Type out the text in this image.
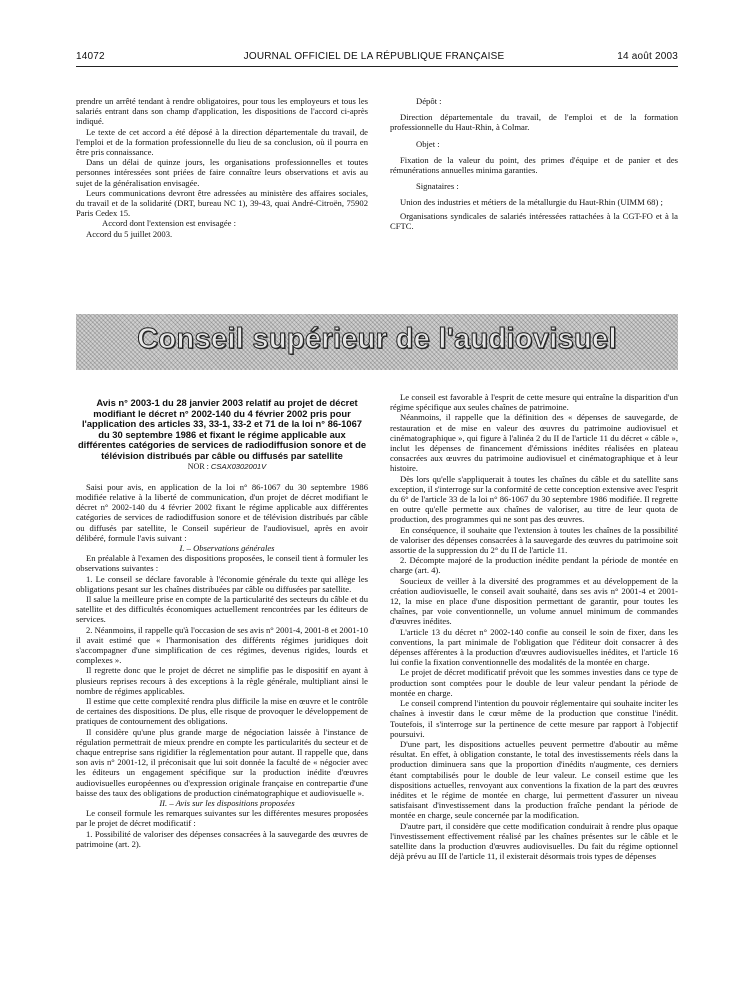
14072	JOURNAL OFFICIEL DE LA RÉPUBLIQUE FRANÇAISE	14 août 2003

prendre un arrêté tendant à rendre obligatoires, pour tous les employeurs et tous les salariés entrant dans son champ d'application, les dispositions de l'accord ci-après indiqué.

Le texte de cet accord a été déposé à la direction départementale du travail, de l'emploi et de la formation professionnelle du lieu de sa conclusion, où il pourra en être pris connaissance.

Dans un délai de quinze jours, les organisations professionnelles et toutes personnes intéressées sont priées de faire connaître leurs observations et avis au sujet de la généralisation envisagée.

Leurs communications devront être adressées au ministère des affaires sociales, du travail et de la solidarité (DRT, bureau NC 1), 39-43, quai André-Citroën, 75902 Paris Cedex 15.

Accord dont l'extension est envisagée :

Accord du 5 juillet 2003.

Dépôt :

Direction départementale du travail, de l'emploi et de la formation professionnelle du Haut-Rhin, à Colmar.

Objet :

Fixation de la valeur du point, des primes d'équipe et de panier et des rémunérations annuelles minima garanties.

Signataires :

Union des industries et métiers de la métallurgie du Haut-Rhin (UIMM 68) ;

Organisations syndicales de salariés intéressées rattachées à la CGT-FO et à la CFTC.

Conseil supérieur de l'audiovisuel

Avis n° 2003-1 du 28 janvier 2003 relatif au projet de décret modifiant le décret n° 2002-140 du 4 février 2002 pris pour l'application des articles 33, 33-1, 33-2 et 71 de la loi n° 86-1067 du 30 septembre 1986 et fixant le régime applicable aux différentes catégories de services de radiodiffusion sonore et de télévision distribués par câble ou diffusés par satellite

NOR : CSAX0302001V

Saisi pour avis, en application de la loi n° 86-1067 du 30 septembre 1986 modifiée relative à la liberté de communication, d'un projet de décret modifiant le décret n° 2002-140 du 4 février 2002 fixant le régime applicable aux différentes catégories de services de radiodiffusion sonore et de télévision distribués par câble ou diffusés par satellite, le Conseil supérieur de l'audiovisuel, après en avoir délibéré, formule l'avis suivant :

I. – Observations générales

En préalable à l'examen des dispositions proposées, le conseil tient à formuler les observations suivantes :

1. Le conseil se déclare favorable à l'économie générale du texte qui allège les obligations pesant sur les chaînes distribuées par câble ou diffusées par satellite.

Il salue la meilleure prise en compte de la particularité des secteurs du câble et du satellite et des difficultés économiques actuellement rencontrées par les éditeurs de services.

2. Néanmoins, il rappelle qu'à l'occasion de ses avis n° 2001-4, 2001-8 et 2001-10 il avait estimé que « l'harmonisation des différents régimes juridiques doit s'accompagner d'une simplification de ces régimes, devenus rigides, lourds et complexes ».

Il regrette donc que le projet de décret ne simplifie pas le dispositif en ayant à plusieurs reprises recours à des exceptions à la règle générale, multipliant ainsi le nombre de régimes applicables.

Il estime que cette complexité rendra plus difficile la mise en œuvre et le contrôle de certaines des dispositions. De plus, elle risque de provoquer le développement de pratiques de contournement des obligations.

Il considère qu'une plus grande marge de négociation laissée à l'instance de régulation permettrait de mieux prendre en compte les particularités du secteur et de chaque entreprise sans rigidifier la réglementation pour autant. Il rappelle que, dans son avis n° 2001-12, il préconisait que lui soit donnée la faculté de « négocier avec les éditeurs un engagement spécifique sur la production inédite d'œuvres audiovisuelles européennes ou d'expression originale française en contrepartie d'une baisse des taux des obligations de production cinématographique et audiovisuelle ».

II. – Avis sur les dispositions proposées

Le conseil formule les remarques suivantes sur les différentes mesures proposées par le projet de décret modificatif :

1. Possibilité de valoriser des dépenses consacrées à la sauvegarde des œuvres de patrimoine (art. 2).

Le conseil est favorable à l'esprit de cette mesure qui entraîne la disparition d'un régime spécifique aux seules chaînes de patrimoine.

Néanmoins, il rappelle que la définition des « dépenses de sauvegarde, de restauration et de mise en valeur des œuvres du patrimoine audiovisuel et cinématographique », qui figure à l'alinéa 2 du II de l'article 11 du décret « câble », inclut les dépenses de financement d'émissions inédites réalisées en plateau consacrées aux œuvres du patrimoine audiovisuel et cinématographique et à leur histoire.

Dès lors qu'elle s'appliquerait à toutes les chaînes du câble et du satellite sans exception, il s'interroge sur la conformité de cette conception extensive avec l'esprit du 6° de l'article 33 de la loi n° 86-1067 du 30 septembre 1986 modifiée. Il regrette en outre qu'elle permette aux chaînes de valoriser, au titre de leur quota de production, des programmes qui ne sont pas des œuvres.

En conséquence, il souhaite que l'extension à toutes les chaînes de la possibilité de valoriser des dépenses consacrées à la sauvegarde des œuvres du patrimoine soit assortie de la suppression du 2° du II de l'article 11.

2. Décompte majoré de la production inédite pendant la période de montée en charge (art. 4).

Soucieux de veiller à la diversité des programmes et au développement de la création audiovisuelle, le conseil avait souhaité, dans ses avis n° 2001-4 et 2001-12, la mise en place d'une disposition permettant de garantir, pour toutes les chaînes, par voie conventionnelle, un volume annuel minimum de commandes d'œuvres inédites.

L'article 13 du décret n° 2002-140 confie au conseil le soin de fixer, dans les conventions, la part minimale de l'obligation que l'éditeur doit consacrer à des dépenses afférentes à la production d'œuvres audiovisuelles inédites, et l'article 16 lui confie la fixation conventionnelle des modalités de la montée en charge.

Le projet de décret modificatif prévoit que les sommes investies dans ce type de production sont comptées pour le double de leur valeur pendant la période de montée en charge.

Le conseil comprend l'intention du pouvoir réglementaire qui souhaite inciter les chaînes à investir dans le cœur même de la production que constitue l'inédit. Toutefois, il s'interroge sur la pertinence de cette mesure par rapport à l'objectif poursuivi.

D'une part, les dispositions actuelles peuvent permettre d'aboutir au même résultat. En effet, à obligation constante, le total des investissements réels dans la production diminuera sans que la proportion d'inédits n'augmente, ces derniers étant comptabilisés pour le double de leur valeur. Le conseil estime que les dispositions actuelles, renvoyant aux conventions la fixation de la part des œuvres inédites et le régime de montée en charge, lui permettent d'assurer un niveau satisfaisant d'investissement dans la production fraîche pendant la période de montée en charge, seule concernée par la modification.

D'autre part, il considère que cette modification conduirait à rendre plus opaque l'investissement effectivement réalisé par les chaînes présentes sur le câble et le satellite dans la production d'œuvres audiovisuelles. Du fait du régime optionnel déjà prévu au III de l'article 11, il existerait désormais trois types de dépenses
